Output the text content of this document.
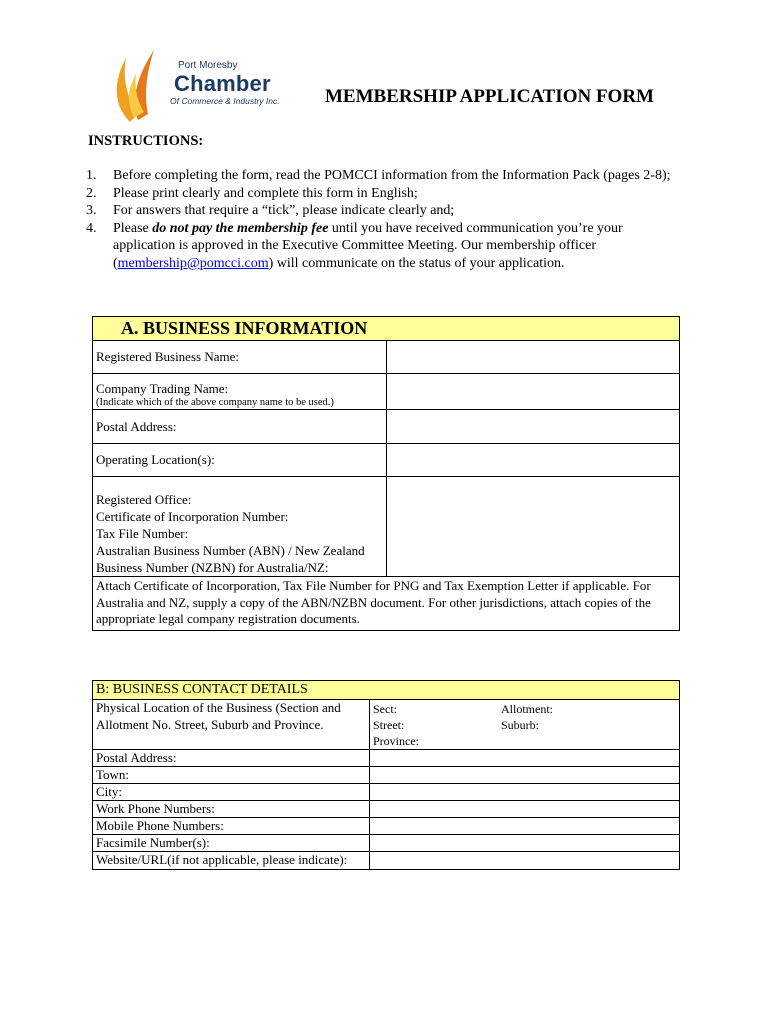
Port Moresby
Chamber
Of Commerce & Industry Inc. MEMBERSHIP APPLICATION FORM
INSTRUCTIONS:
1. Before completing the form, read the POMCCI information from the Information Pack (pages 2-8);
2. Please print clearly and complete this form in English;
3. For answers that require a “tick”, please indicate clearly and;
4. Please do not pay the membership fee until you have received communication you’re your application is approved in the Executive Committee Meeting. Our membership officer (membership@pomcci.com) will communicate on the status of your application.
A. BUSINESS INFORMATION	
Registered Business Name:	

Company Trading Name:
(Indicate which of the above company name to be used.)	

Postal Address:	
Operating Location(s):	

Registered Office:
Certificate of Incorporation Number:
Tax File Number:
Australian Business Number (ABN) / New Zealand Business Number (NZBN) for Australia/NZ:	

Attach Certificate of Incorporation, Tax File Number for PNG and Tax Exemption Letter if applicable. For Australia and NZ, supply a copy of the ABN/NZBN document. For other jurisdictions, attach copies of the appropriate legal company registration documents.	
B: BUSINESS CONTACT DETAILS	
Physical Location of the Business (Section and Allotment No. Street, Suburb and Province.	Sect: Allotment:
Street: Suburb:
Province:

Postal Address:	
Town:	
City:	
Work Phone Numbers:	
Mobile Phone Numbers:	
Facsimile Number(s):	
Website/URL(if not applicable, please indicate):	
